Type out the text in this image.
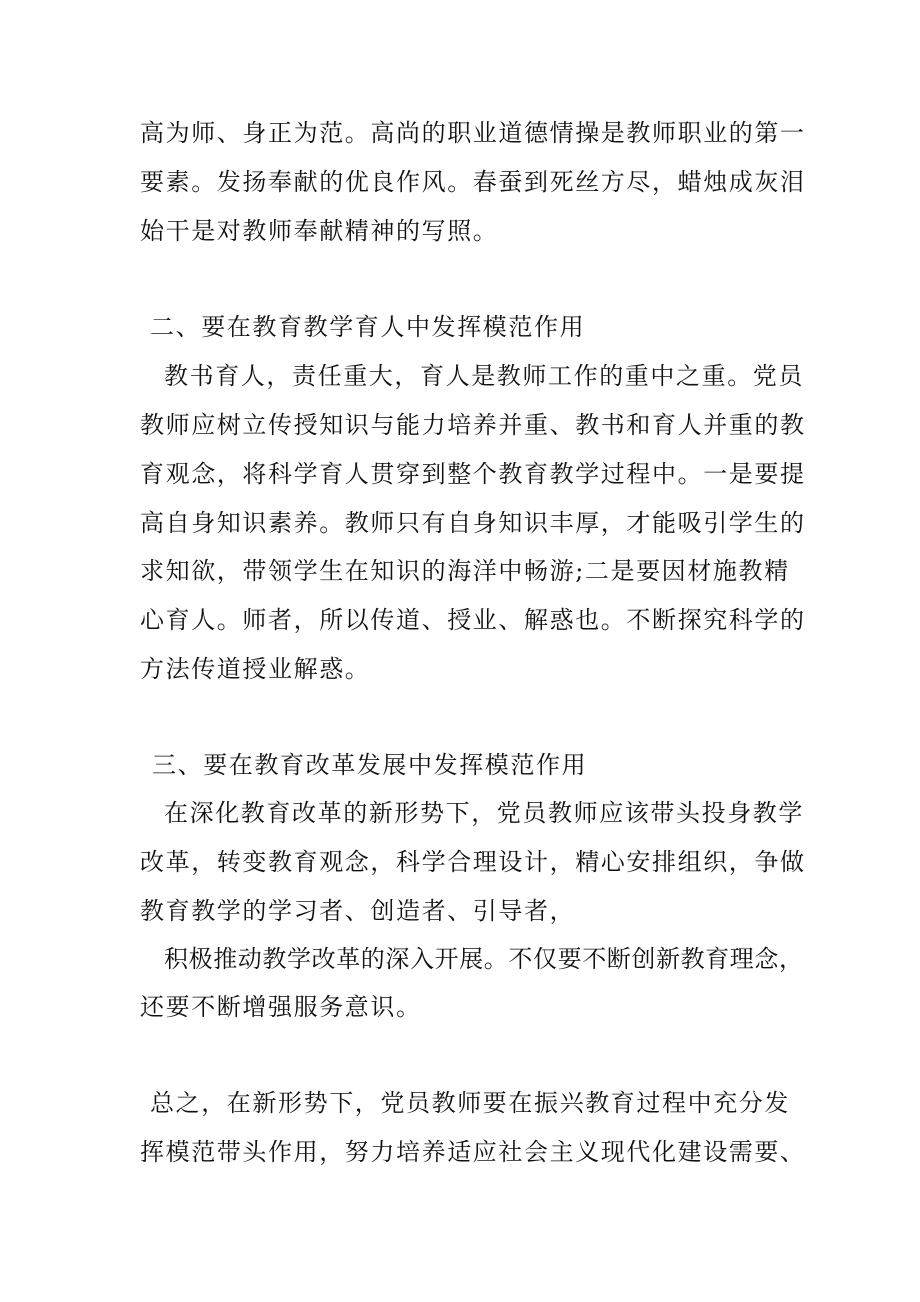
高为师、身正为范。高尚的职业道德情操是教师职业的第一
要素。发扬奉献的优良作风。春蚕到死丝方尽，蜡烛成灰泪
始干是对教师奉献精神的写照。
二、要在教育教学育人中发挥模范作用
教书育人，责任重大，育人是教师工作的重中之重。党员
教师应树立传授知识与能力培养并重、教书和育人并重的教
育观念，将科学育人贯穿到整个教育教学过程中。一是要提
高自身知识素养。教师只有自身知识丰厚，才能吸引学生的
求知欲，带领学生在知识的海洋中畅游;二是要因材施教精
心育人。师者，所以传道、授业、解惑也。不断探究科学的
方法传道授业解惑。
三、要在教育改革发展中发挥模范作用
在深化教育改革的新形势下，党员教师应该带头投身教学
改革，转变教育观念，科学合理设计，精心安排组织，争做
教育教学的学习者、创造者、引导者，
积极推动教学改革的深入开展。不仅要不断创新教育理念，
还要不断增强服务意识。
总之，在新形势下，党员教师要在振兴教育过程中充分发
挥模范带头作用，努力培养适应社会主义现代化建设需要、
